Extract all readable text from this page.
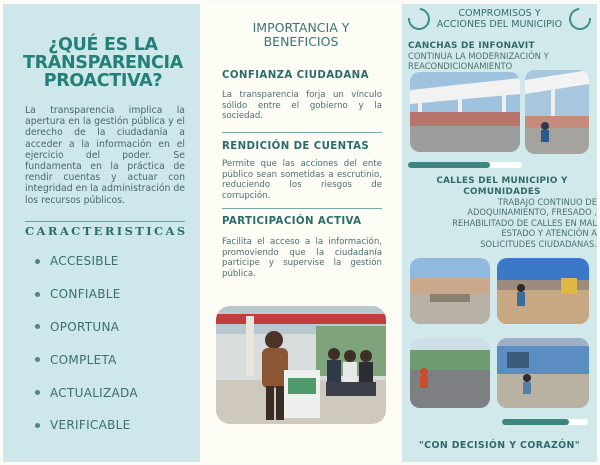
¿QUÉ ES LA
TRANSPARENCIA
PROACTIVA?

La transparencia implica la apertura en la gestión pública y el derecho de la ciudadanía a acceder a la información en el ejercicio del poder. Se fundamenta en la práctica de rendir cuentas y actuar con integridad en la administración de los recursos públicos.

CARACTERISTICAS
ACCESIBLE
CONFIABLE
OPORTUNA
COMPLETA
ACTUALIZADA
VERIFICABLE
IMPORTANCIA Y
BENEFICIOS
CONFIANZA CIUDADANA

La transparencia forja un vínculo sólido entre el gobierno y la sociedad.

RENDICIÓN DE CUENTAS

Permite que las acciones del ente público sean sometidas a escrutinio, reduciendo los riesgos de corrupción.

PARTICIPACIÓN ACTIVA

Facilita el acceso a la información, promoviendo que la ciudadanía participe y supervise la gestión pública.

COMPROMISOS Y
ACCIONES DEL MUNICIPIO
CANCHAS DE INFONAVIT

CONTINUA LA MODERNIZACIÓN Y REACONDICIONAMIENTO

CALLES DEL MUNICIPIO Y
COMUNIDADES
TRABAJO CONTINUO DE
ADOQUINAMIENTO, FRESADO ,
REHABILITADO DE CALLES EN MAL
ESTADO Y ATENCIÓN A
SOLICITUDES CIUDADANAS.
"CON DECISIÓN Y CORAZÓN"
